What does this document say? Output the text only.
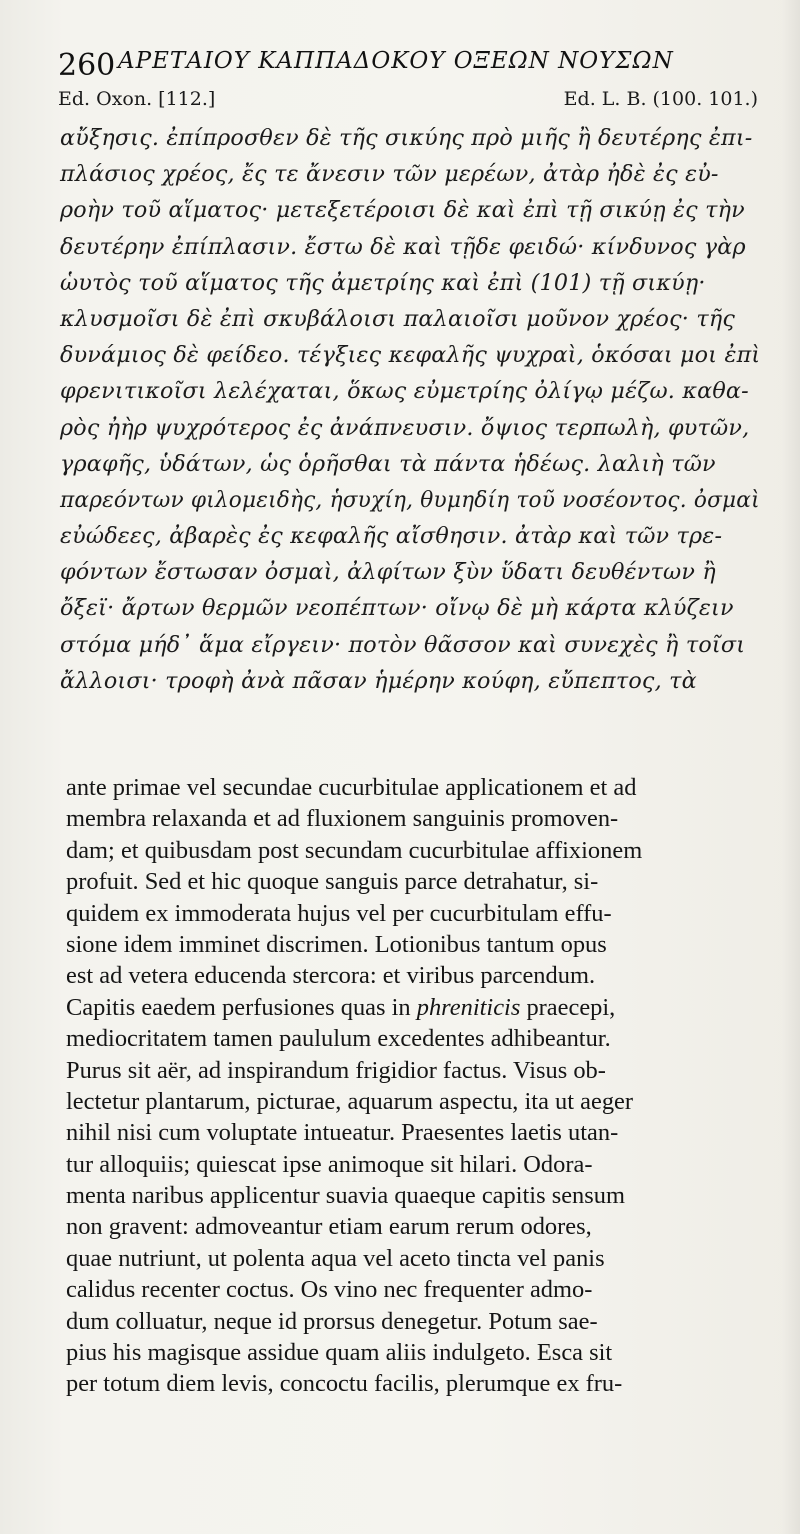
260 ΑΡΕΤΑΙΟΥ ΚΑΠΠΑΔΟΚΟΥ ΟΞΕΩΝ ΝΟΥΣΩΝ
Ed. Oxon. [112.]	Ed. L. B. (100. 101.)
αὔξησις. ἐπίπροσθεν δὲ τῆς σικύης πρὸ μιῆς ἢ δευτέρης ἐπι-
πλάσιος χρέος, ἔς τε ἄνεσιν τῶν μερέων, ἀτὰρ ἠδὲ ἐς εὐ-
ροὴν τοῦ αἵματος· μετεξετέροισι δὲ καὶ ἐπὶ τῇ σικύῃ ἐς τὴν
δευτέρην ἐπίπλασιν. ἔστω δὲ καὶ τῇδε φειδώ· κίνδυνος γὰρ
ὡυτὸς τοῦ αἵματος τῆς ἀμετρίης καὶ ἐπὶ (101) τῇ σικύῃ·
κλυσμοῖσι δὲ ἐπὶ σκυβάλοισι παλαιοῖσι μοῦνον χρέος· τῆς
δυνάμιος δὲ φείδεο. τέγξιες κεφαλῆς ψυχραὶ, ὁκόσαι μοι ἐπὶ
φρενιτικοῖσι λελέχαται, ὅκως εὐμετρίης ὀλίγῳ μέζω. καθα-
ρὸς ἠὴρ ψυχρότερος ἐς ἀνάπνευσιν. ὄψιος τερπωλὴ, φυτῶν,
γραφῆς, ὑδάτων, ὡς ὁρῆσθαι τὰ πάντα ἡδέως. λαλιὴ τῶν
παρεόντων φιλομειδὴς, ἡσυχίη, θυμηδίη τοῦ νοσέοντος. ὀσμαὶ
εὐώδεες, ἀβαρὲς ἐς κεφαλῆς αἴσθησιν. ἀτὰρ καὶ τῶν τρε-
φόντων ἔστωσαν ὀσμαὶ, ἀλφίτων ξὺν ὕδατι δευθέντων ἢ
ὄξεϊ· ἄρτων θερμῶν νεοπέπτων· οἴνῳ δὲ μὴ κάρτα κλύζειν
στόμα μήδ᾽ ἅμα εἴργειν· ποτὸν θᾶσσον καὶ συνεχὲς ἢ τοῖσι
ἄλλοισι· τροφὴ ἀνὰ πᾶσαν ἡμέρην κούφη, εὔπεπτος, τὰ
ante primae vel secundae cucurbitulae applicationem et ad
membra relaxanda et ad fluxionem sanguinis promoven-
dam; et quibusdam post secundam cucurbitulae affixionem
profuit. Sed et hic quoque sanguis parce detrahatur, si-
quidem ex immoderata hujus vel per cucurbitulam effu-
sione idem imminet discrimen. Lotionibus tantum opus
est ad vetera educenda stercora: et viribus parcendum.
Capitis eaedem perfusiones quas in phreniticis praecepi,
mediocritatem tamen paululum excedentes adhibeantur.
Purus sit aër, ad inspirandum frigidior factus. Visus ob-
lectetur plantarum, picturae, aquarum aspectu, ita ut aeger
nihil nisi cum voluptate intueatur. Praesentes laetis utan-
tur alloquiis; quiescat ipse animoque sit hilari. Odora-
menta naribus applicentur suavia quaeque capitis sensum
non gravent: admoveantur etiam earum rerum odores,
quae nutriunt, ut polenta aqua vel aceto tincta vel panis
calidus recenter coctus. Os vino nec frequenter admo-
dum colluatur, neque id prorsus denegetur. Potum sae-
pius his magisque assidue quam aliis indulgeto. Esca sit
per totum diem levis, concoctu facilis, plerumque ex fru-
